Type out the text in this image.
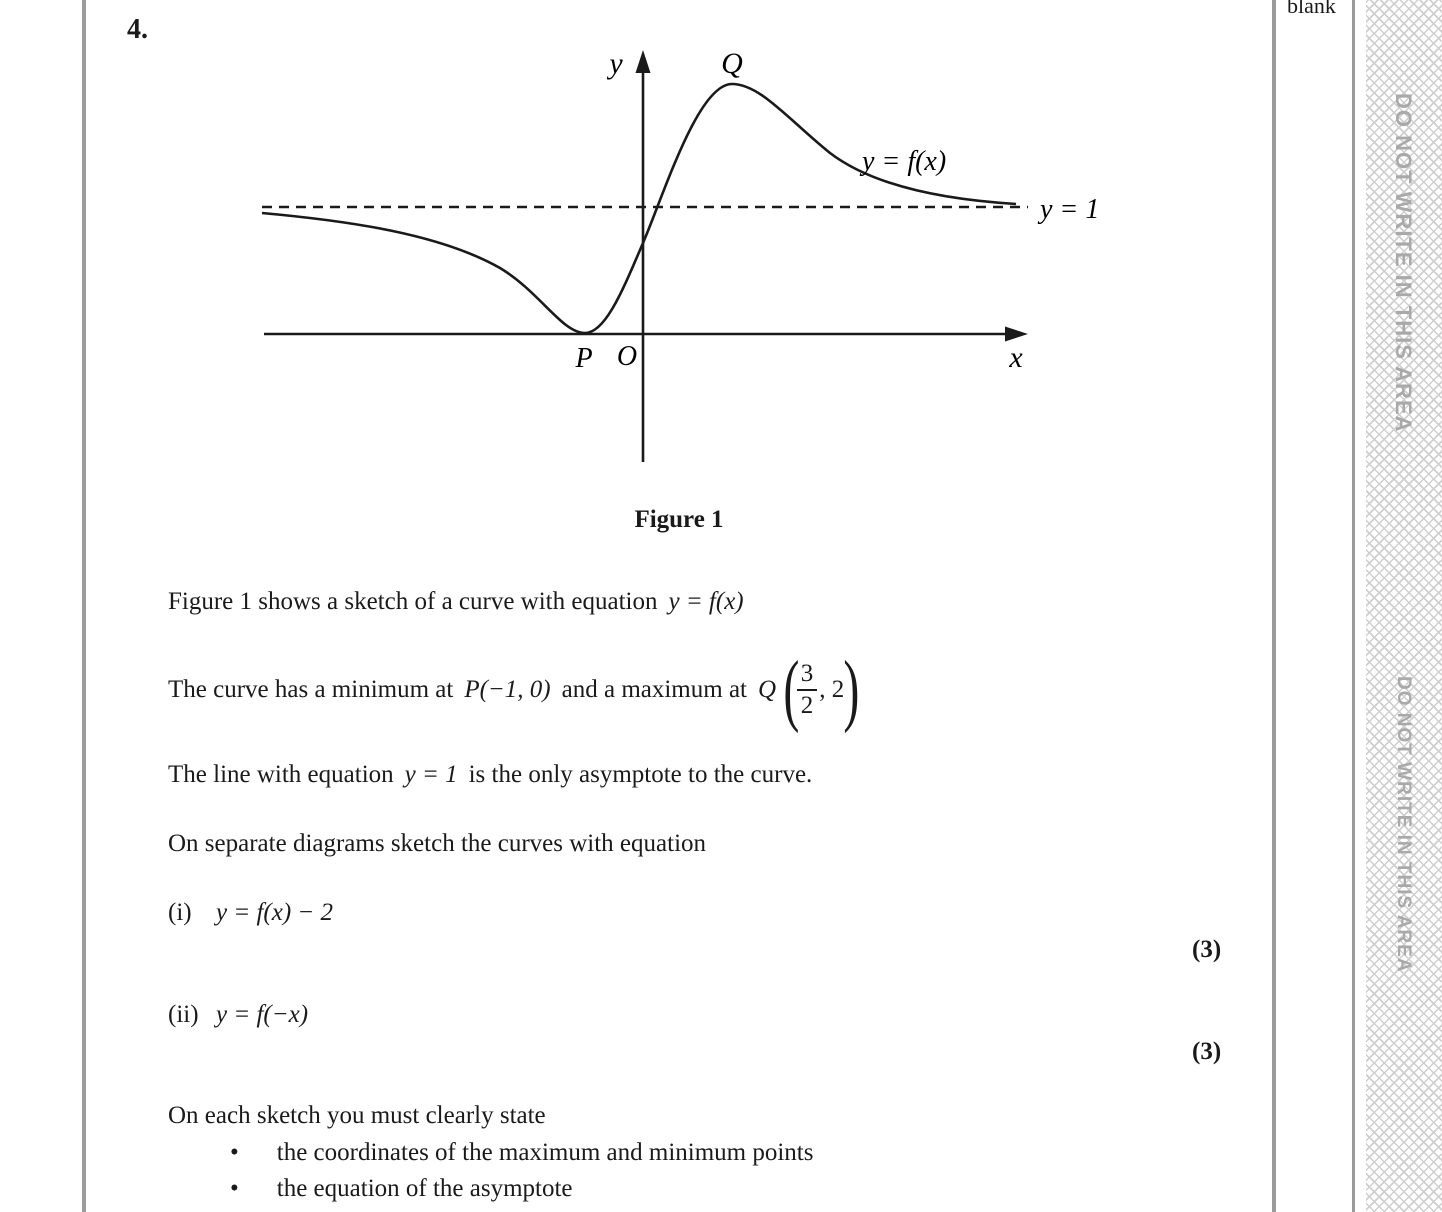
DO NOT WRITE IN THIS AREA
DO NOT WRITE IN THIS AREA
blank
4.
y	Q
x
O
P
y = f(x)
y = 1
Figure 1
Figure 1 shows a sketch of a curve with equation y = f(x)
The curve has a minimum at P(−1, 0) and a maximum at Q (
$\frac{3}{2}$ , 2 )
The line with equation y = 1 is the only asymptote to the curve.
On separate diagrams sketch the curves with equation
(i) y = f(x) − 2
(3)
(ii) y = f(−x)
(3)
On each sketch you must clearly state
• the coordinates of the maximum and minimum points
• the equation of the asymptote
